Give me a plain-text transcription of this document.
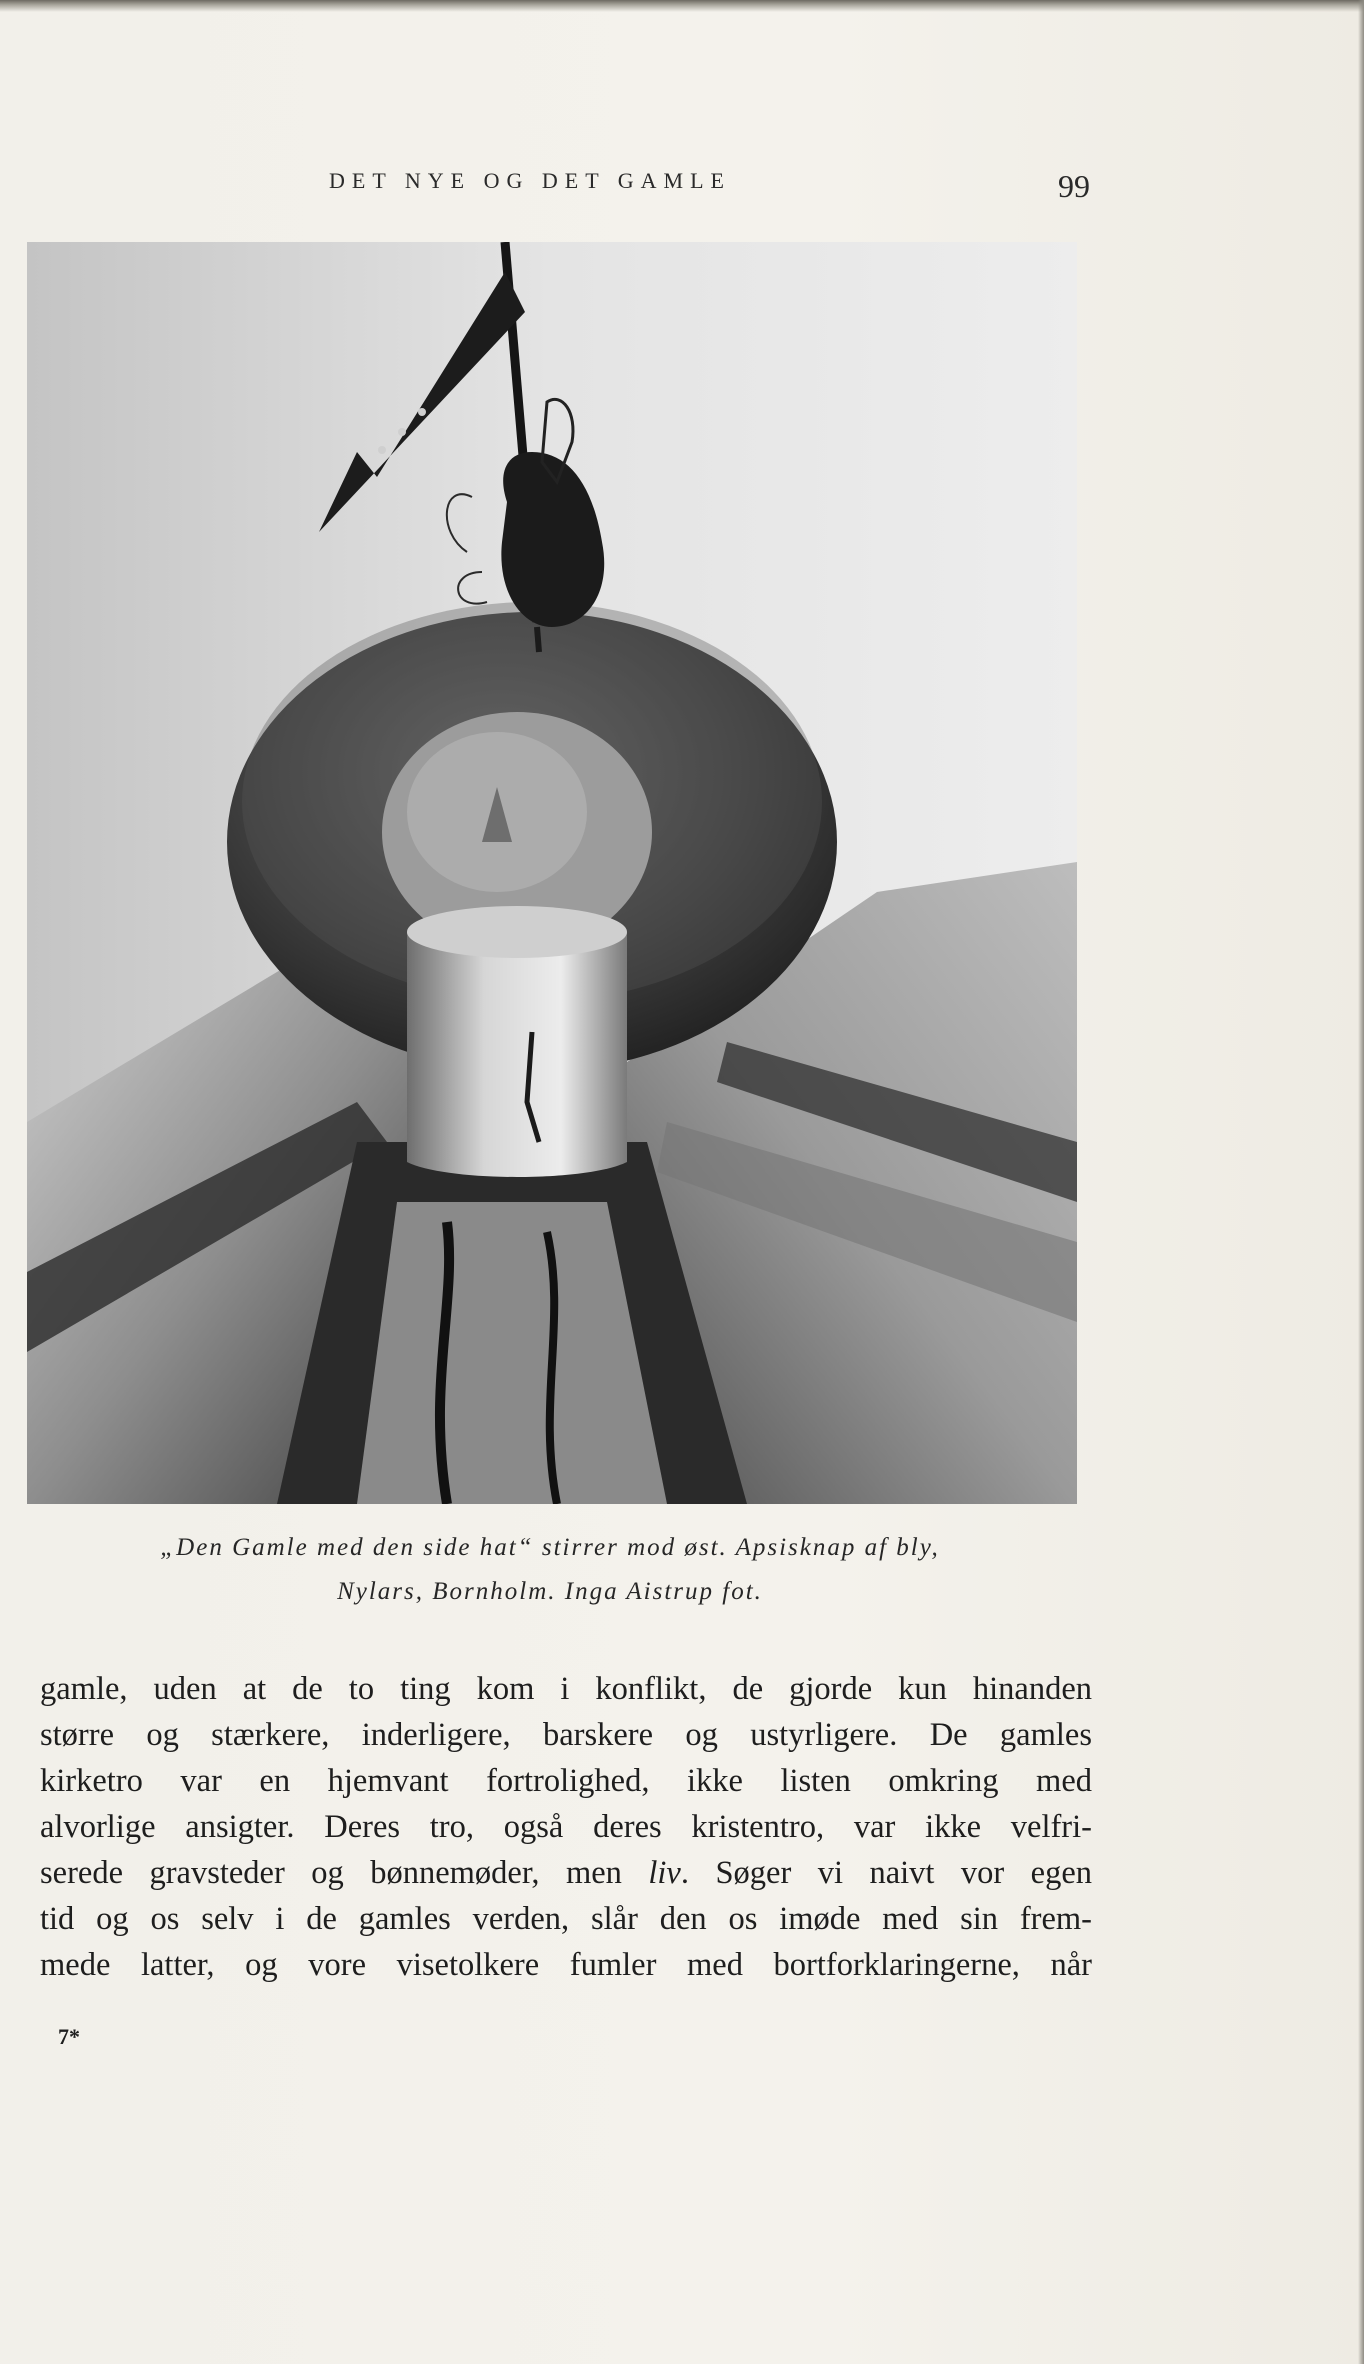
DET NYE OG DET GAMLE	99
„Den Gamle med den side hat“ stirrer mod øst. Apsisknap af bly,
Nylars, Bornholm. Inga Aistrup fot.
gamle, uden at de to ting kom i konflikt, de gjorde kun hinanden
større og stærkere, inderligere, barskere og ustyrligere. De gamles
kirketro var en hjemvant fortrolighed, ikke listen omkring med
alvorlige ansigter. Deres tro, også deres kristentro, var ikke velfri-
serede gravsteder og bønnemøder, men liv. Søger vi naivt vor egen
tid og os selv i de gamles verden, slår den os imøde med sin frem-
mede latter, og vore visetolkere fumler med bortforklaringerne, når
7*
